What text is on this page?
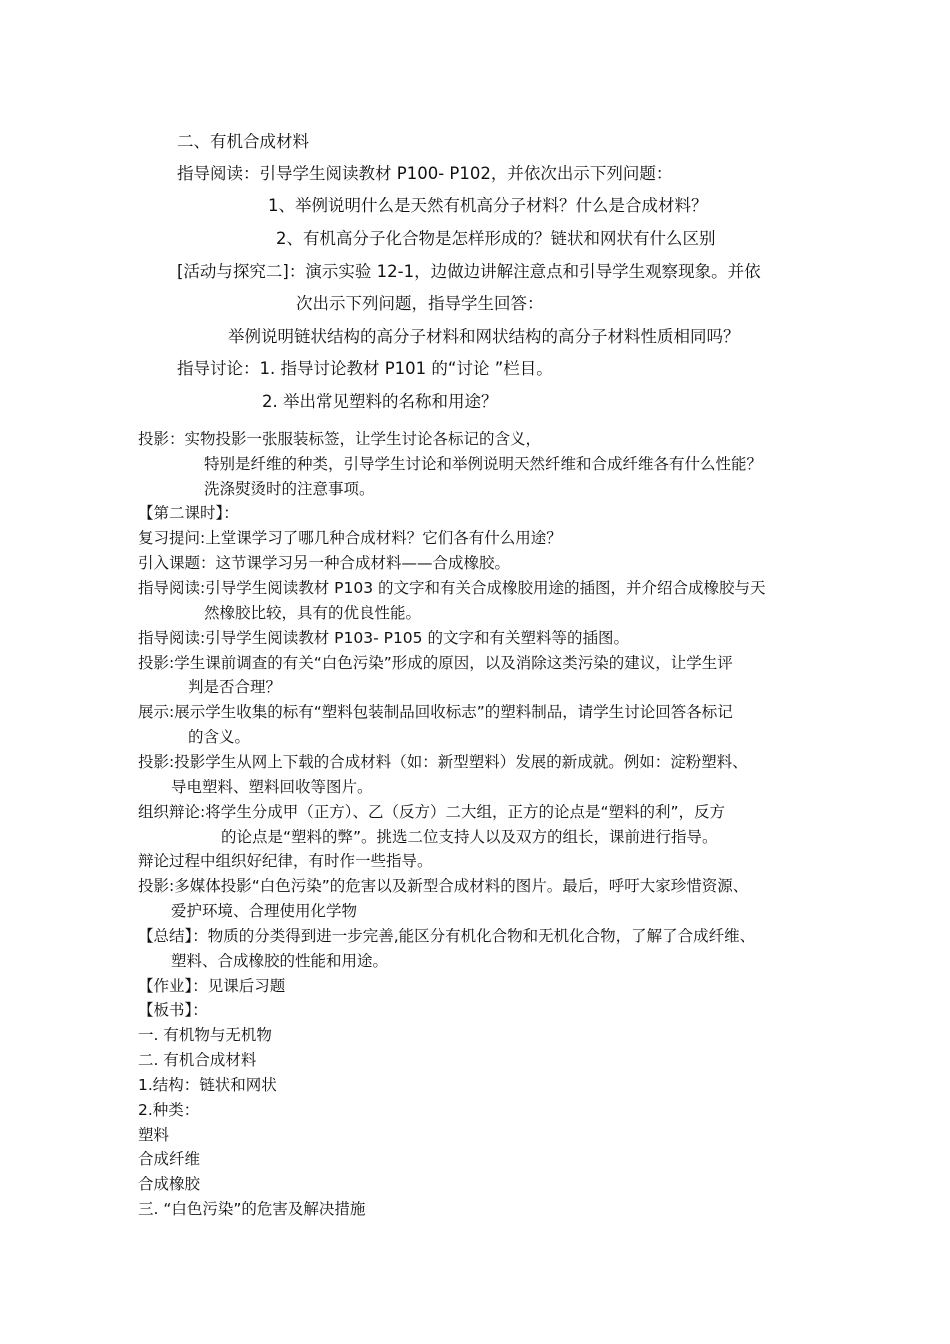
二、有机合成材料
指导阅读：引导学生阅读教材 P100- P102，并依次出示下列问题：
1、举例说明什么是天然有机高分子材料？什么是合成材料？
2、有机高分子化合物是怎样形成的？链状和网状有什么区别
[活动与探究二]：演示实验 12-1，边做边讲解注意点和引导学生观察现象。并依
次出示下列问题，指导学生回答：
举例说明链状结构的高分子材料和网状结构的高分子材料性质相同吗？
指导讨论：1. 指导讨论教材 P101 的“讨论 ”栏目。
2. 举出常见塑料的名称和用途？
投影：实物投影一张服装标签，让学生讨论各标记的含义，
特别是纤维的种类，引导学生讨论和举例说明天然纤维和合成纤维各有什么性能？
洗涤熨烫时的注意事项。
【第二课时】：
复习提问:上堂课学习了哪几种合成材料？它们各有什么用途？
引入课题：这节课学习另一种合成材料——合成橡胶。
指导阅读:引导学生阅读教材 P103 的文字和有关合成橡胶用途的插图，并介绍合成橡胶与天
然橡胶比较，具有的优良性能。
指导阅读:引导学生阅读教材 P103- P105 的文字和有关塑料等的插图。
投影:学生课前调查的有关“白色污染”形成的原因，以及消除这类污染的建议，让学生评
判是否合理？
展示:展示学生收集的标有“塑料包装制品回收标志”的塑料制品，请学生讨论回答各标记
的含义。
投影:投影学生从网上下载的合成材料（如：新型塑料）发展的新成就。例如：淀粉塑料、
导电塑料、塑料回收等图片。
组织辩论:将学生分成甲（正方）、乙（反方）二大组，正方的论点是“塑料的利”，反方
的论点是“塑料的弊”。挑选二位支持人以及双方的组长，课前进行指导。
辩论过程中组织好纪律，有时作一些指导。
投影:多媒体投影“白色污染”的危害以及新型合成材料的图片。最后，呼吁大家珍惜资源、
爱护环境、合理使用化学物
【总结】：物质的分类得到进一步完善,能区分有机化合物和无机化合物，了解了合成纤维、
塑料、合成橡胶的性能和用途。
【作业】：见课后习题
【板书】：
一. 有机物与无机物
二. 有机合成材料
1.结构：链状和网状
2.种类：
塑料
合成纤维
合成橡胶
三. “白色污染”的危害及解决措施
